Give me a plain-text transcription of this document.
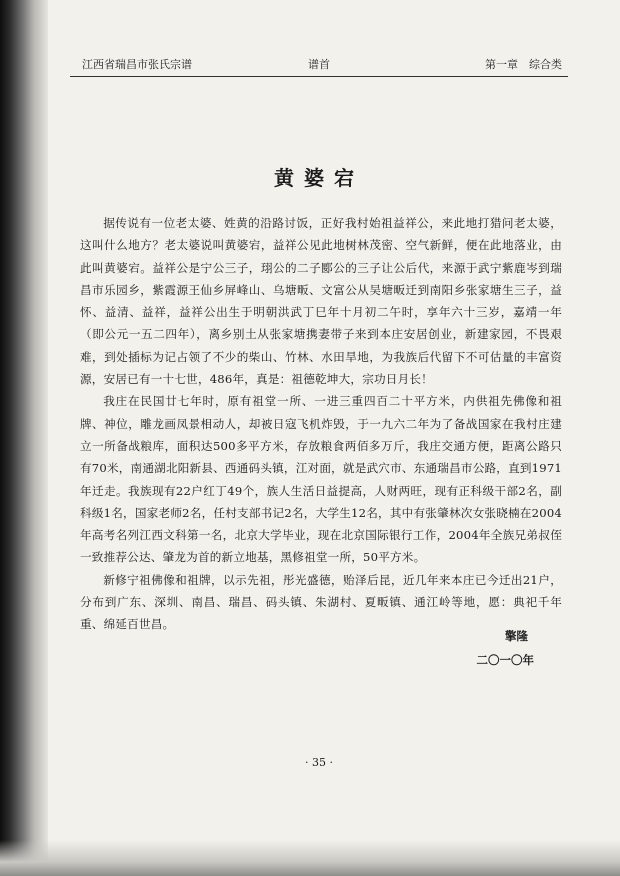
江西省瑞昌市张氏宗谱	谱首	第一章　综合类
黄婆宕

据传说有一位老太婆、姓黄的沿路讨饭，正好我村始祖益祥公，来此地打猎问老太婆，这叫什么地方？老太婆说叫黄婆宕，益祥公见此地树林茂密、空气新鲜，便在此地落业，由此叫黄婆宕。益祥公是宁公三子，珝公的二子郾公的三子让公后代，来源于武宁紫鹿岑到瑞昌市乐园乡，紫霞源王仙乡屏峰山、乌塘畈、文富公从吴塘畈迁到南阳乡张家塘生三子，益怀、益清、益祥，益祥公出生于明朝洪武丁巳年十月初二午时，享年六十三岁，嘉靖一年（即公元一五二四年），离乡别土从张家塘携妻带子来到本庄安居创业，新建家园，不畏艰难，到处插标为记占领了不少的柴山、竹林、水田旱地，为我族后代留下不可估量的丰富资源，安居已有一十七世，486年，真是：祖德乾坤大，宗功日月长！

我庄在民国廿七年时，原有祖堂一所、一进三重四百二十平方米，内供祖先佛像和祖牌、神位，雕龙画凤景相动人，却被日寇飞机炸毁，于一九六二年为了备战国家在我村庄建立一所备战粮库，面积达500多平方米，存放粮食两佰多万斤，我庄交通方便，距离公路只有70米，南通湖北阳新县、西通码头镇，江对面，就是武穴市、东通瑞昌市公路，直到1971年迁走。我族现有22户红丁49个，族人生活日益提高，人财两旺，现有正科级干部2名，副科级1名，国家老师2名，任村支部书记2名，大学生12名，其中有张肇林次女张晓楠在2004年高考名列江西文科第一名，北京大学毕业，现在北京国际银行工作，2004年全族兄弟叔侄一致推荐公达、肇龙为首的新立地基，黑修祖堂一所，50平方米。

新修宁祖佛像和祖牌，以示先祖，彤光盛德，贻泽后昆，近几年来本庄已今迁出21户，分布到广东、深圳、南昌、瑞昌、码头镇、朱湖村、夏畈镇、通江岭等地，愿：典祀千年重、绵延百世昌。

擎隆
二〇一〇年
· 35 ·
